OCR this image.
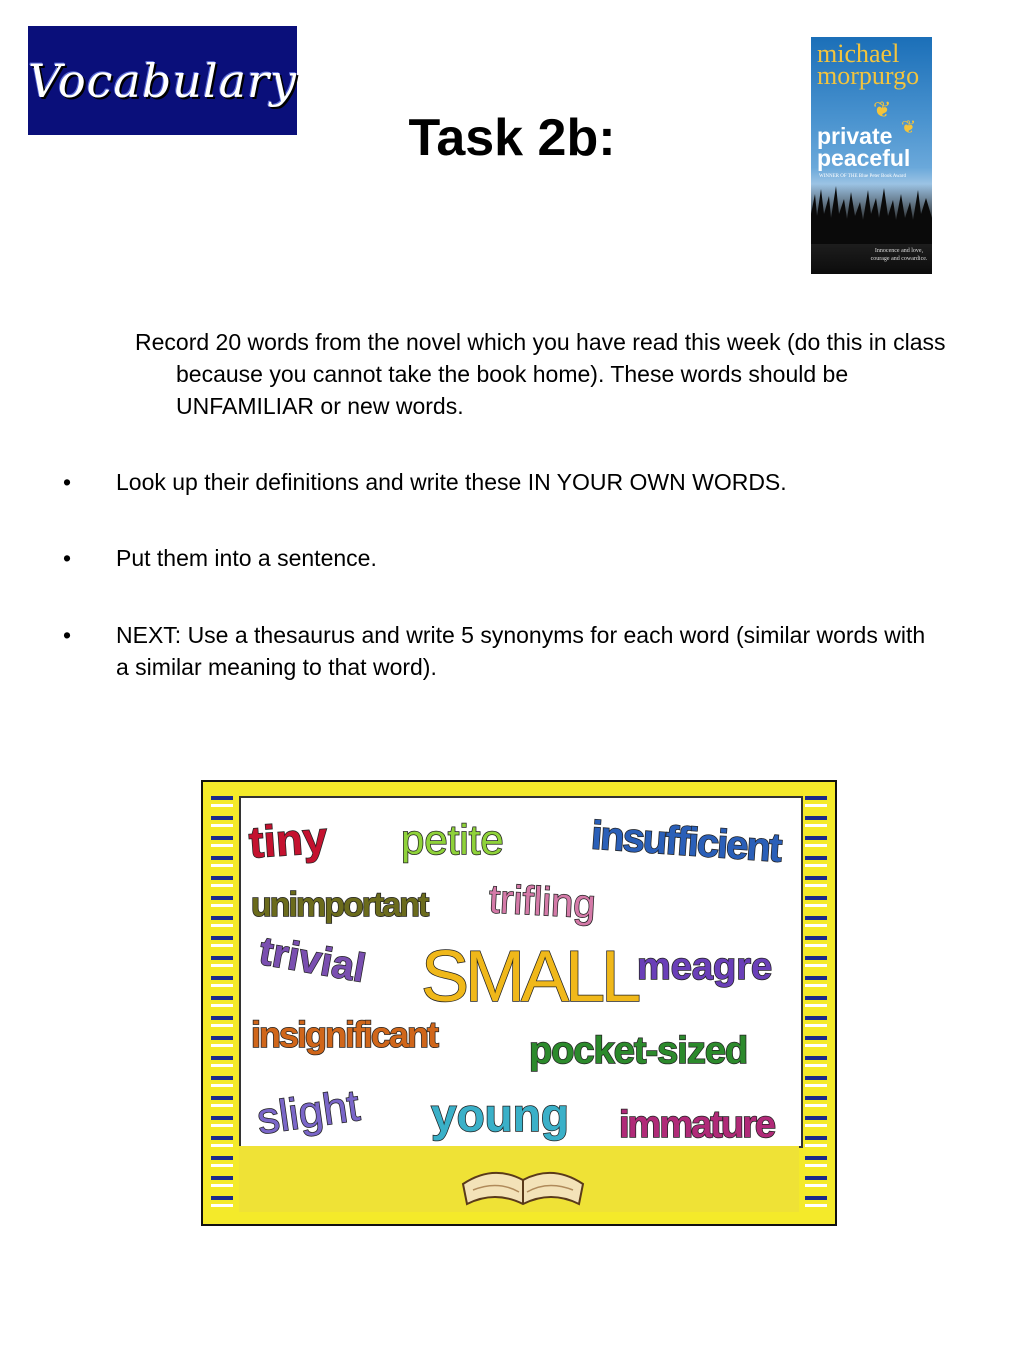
Vocabulary
Task 2b:
michael morpurgo
❦
❦
private peaceful
WINNER OF THE Blue Peter Book Award
Innocence and love, courage and cowardice.
Record 20 words from the novel which you have read this week (do this in class because you cannot take the book home). These words should be UNFAMILIAR or new words.
• Look up their definitions and write these IN YOUR OWN WORDS.
• Put them into a sentence.
• NEXT: Use a thesaurus and write 5 synonyms for each word (similar words with a similar meaning to that word).
tiny petite insufficient
unimportant trifling
trivial SMALL meagre
insignificant pocket-sized
slight young immature
